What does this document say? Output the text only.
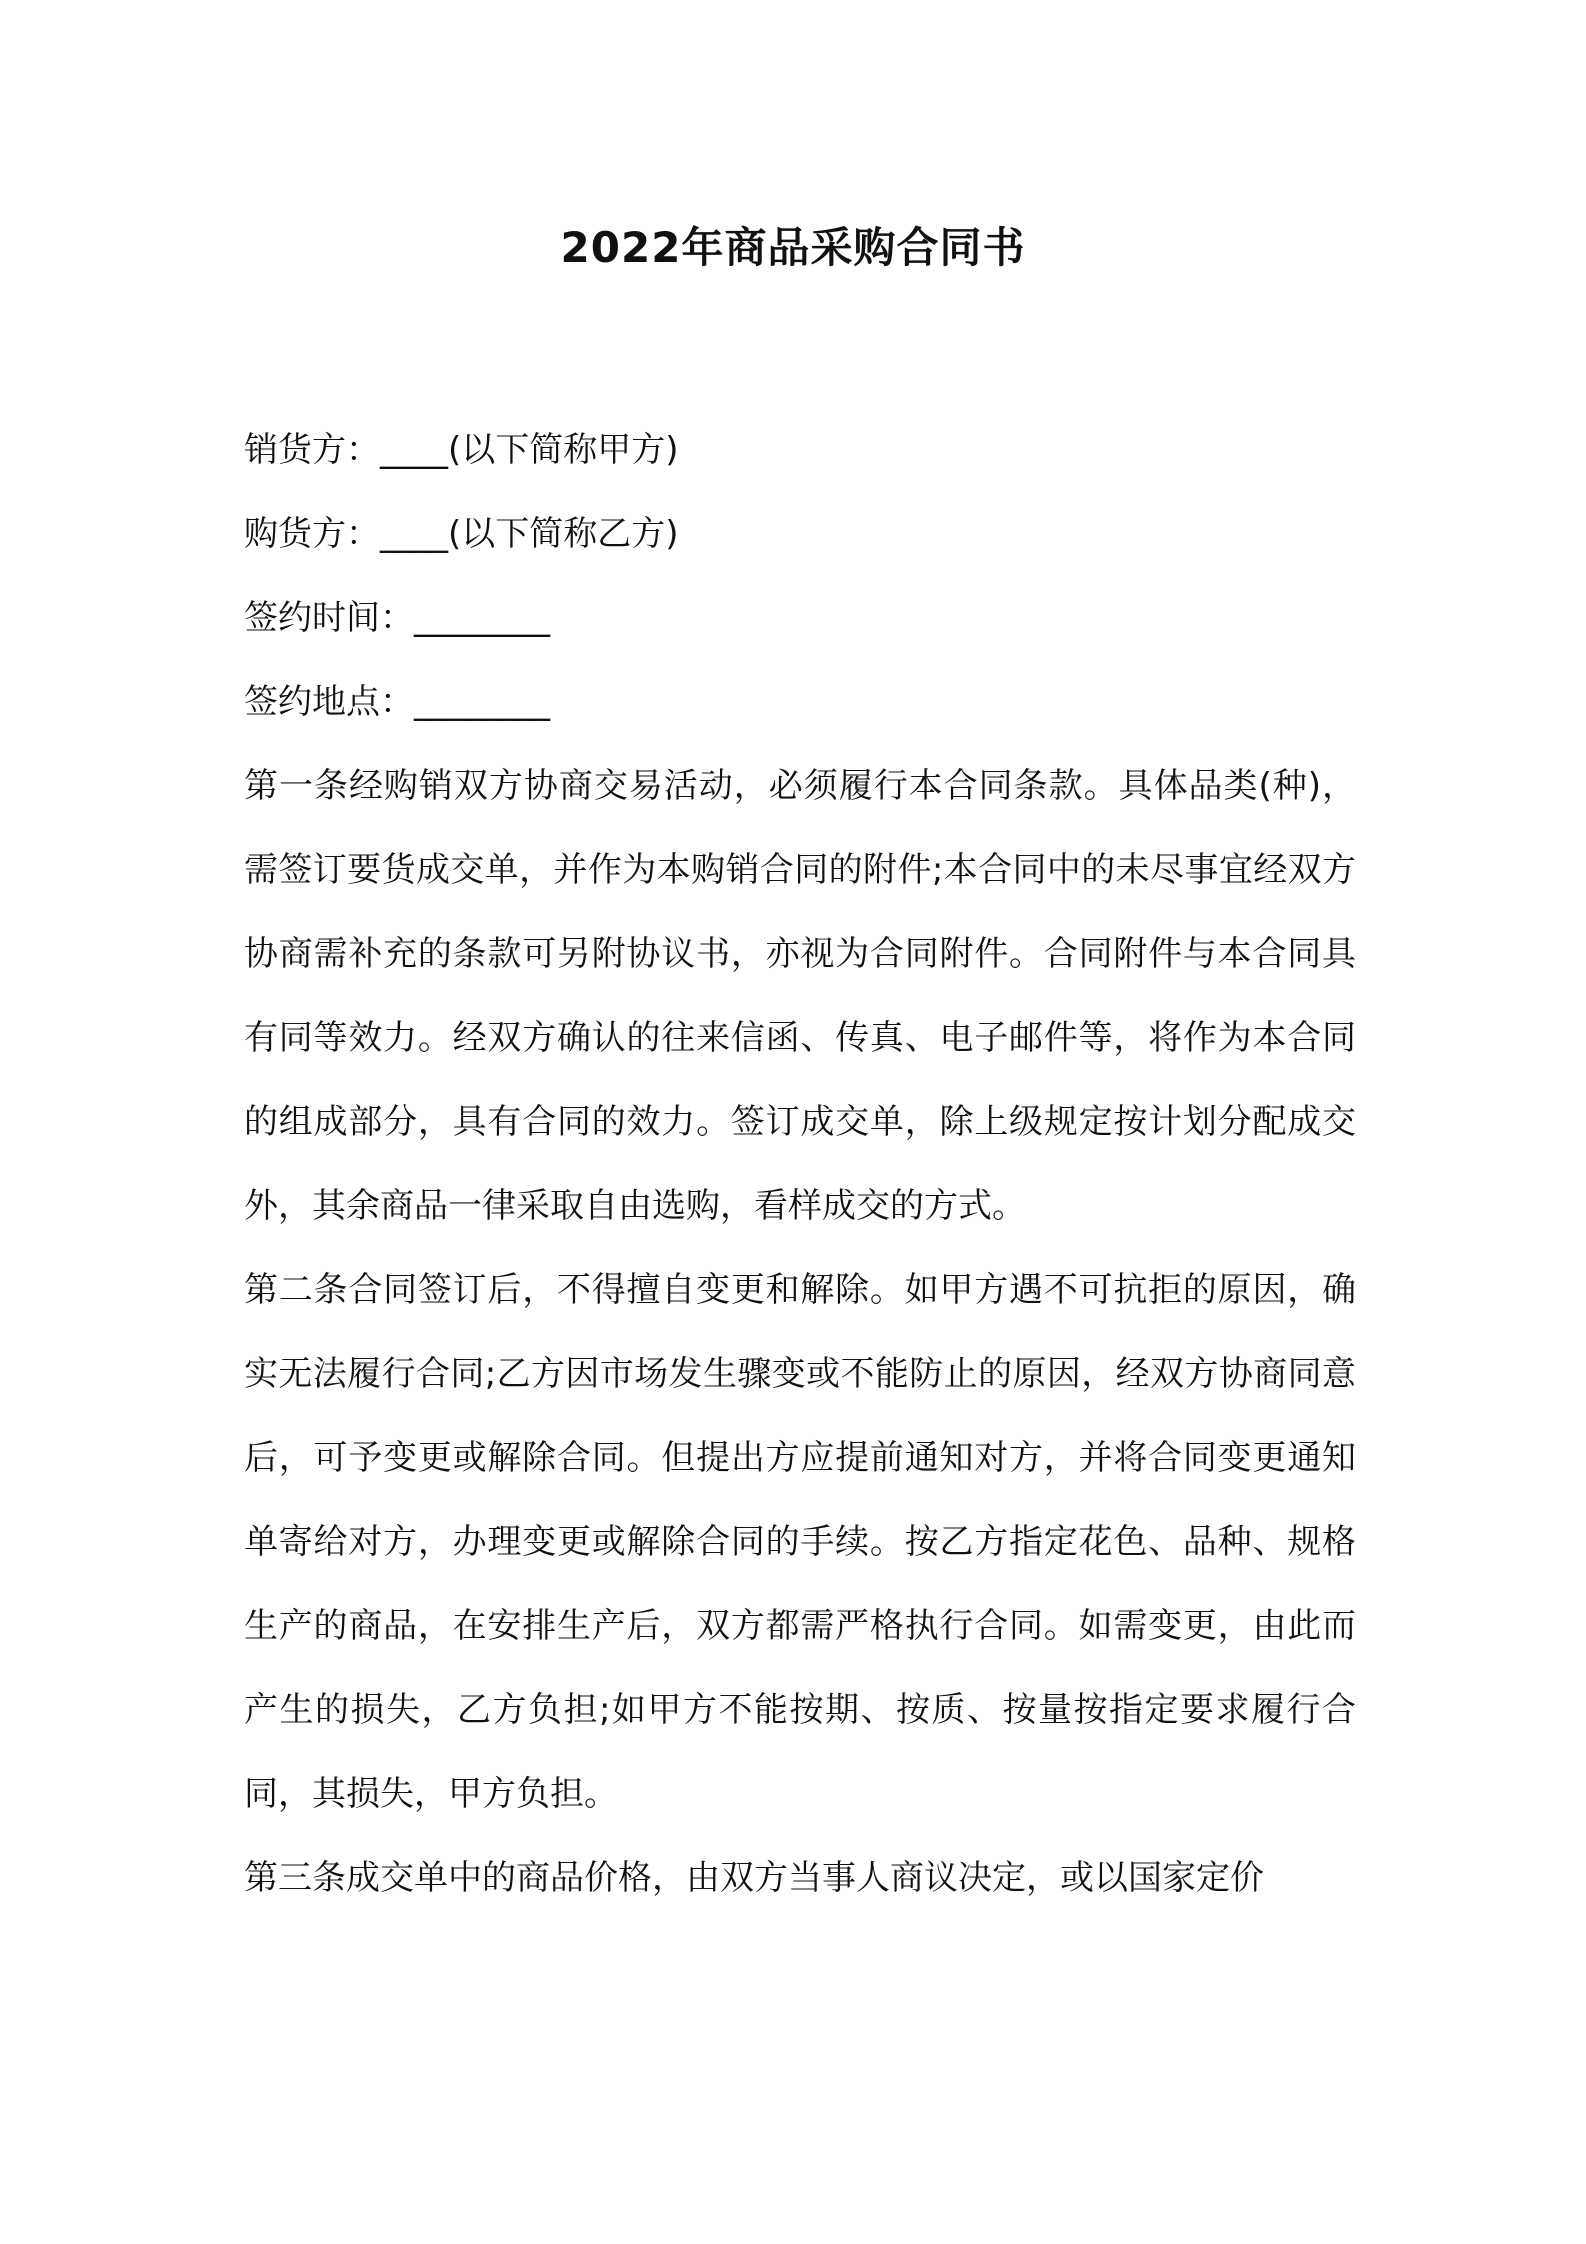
2022年商品采购合同书

销货方：____(以下简称甲方)

购货方：____(以下简称乙方)

签约时间：________

签约地点：________

第一条经购销双方协商交易活动，必须履行本合同条款。具体品类(种)，需签订要货成交单，并作为本购销合同的附件;本合同中的未尽事宜经双方协商需补充的条款可另附协议书，亦视为合同附件。合同附件与本合同具有同等效力。经双方确认的往来信函、传真、电子邮件等，将作为本合同的组成部分，具有合同的效力。签订成交单，除上级规定按计划分配成交外，其余商品一律采取自由选购，看样成交的方式。

第二条合同签订后，不得擅自变更和解除。如甲方遇不可抗拒的原因，确实无法履行合同;乙方因市场发生骤变或不能防止的原因，经双方协商同意后，可予变更或解除合同。但提出方应提前通知对方，并将合同变更通知单寄给对方，办理变更或解除合同的手续。按乙方指定花色、品种、规格生产的商品，在安排生产后，双方都需严格执行合同。如需变更，由此而产生的损失，乙方负担;如甲方不能按期、按质、按量按指定要求履行合同，其损失，甲方负担。

第三条成交单中的商品价格，由双方当事人商议决定，或以国家定价
